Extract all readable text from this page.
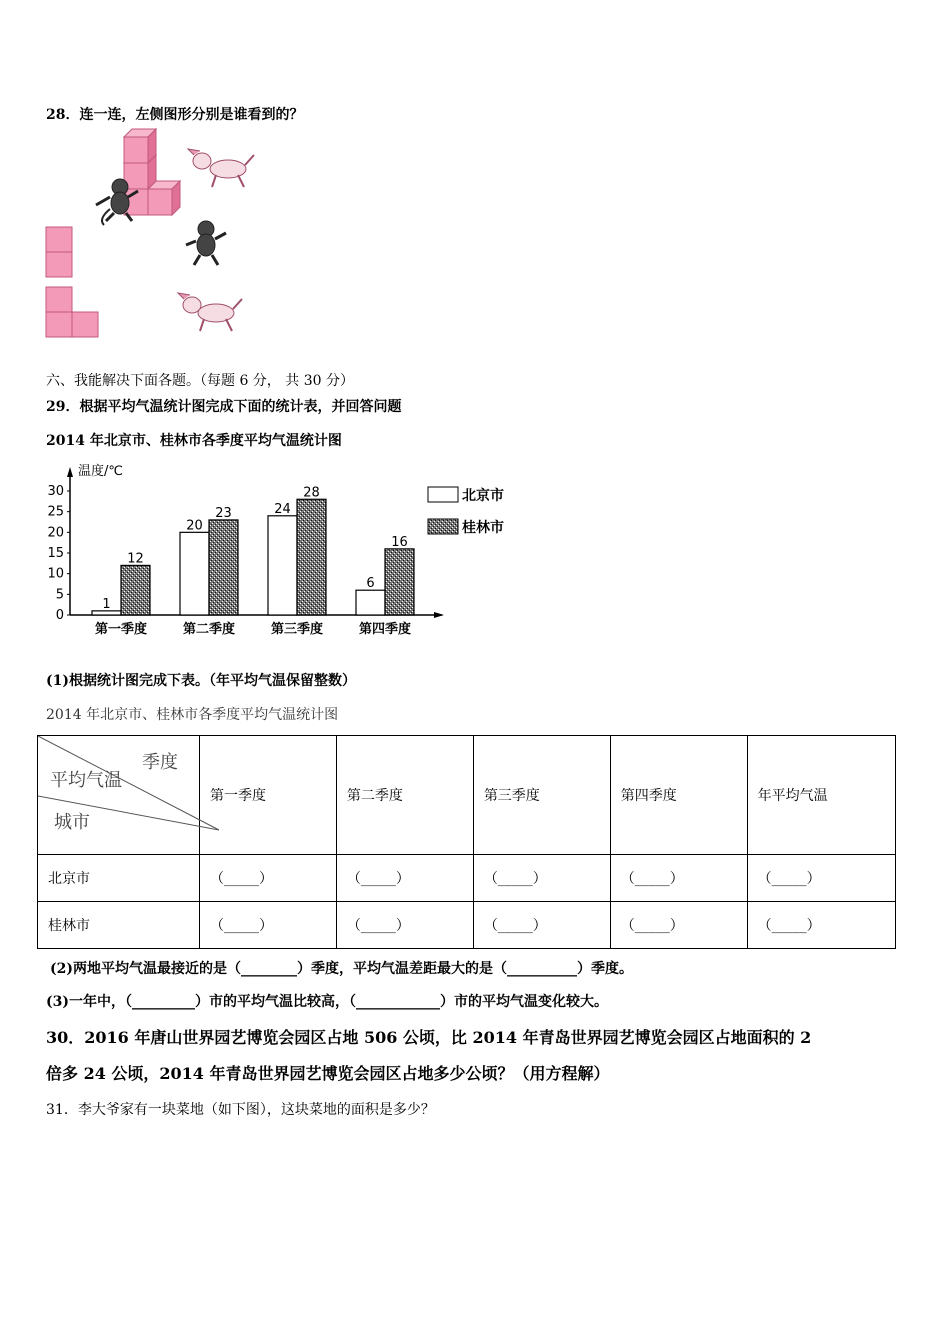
28．连一连，左侧图形分别是谁看到的？
六、我能解决下面各题。（每题 6 分， 共 30 分）
29．根据平均气温统计图完成下面的统计表，并回答问题
2014 年北京市、桂林市各季度平均气温统计图
温度/℃
0
5
10
15
20
25
30
1
12
第一季度
20
23
第二季度
24
28
第三季度
6
16
第四季度
北京市
桂林市
(1)根据统计图完成下表。（年平均气温保留整数）
2014 年北京市、桂林市各季度平均气温统计图
季度
平均气温
城市	第一季度	第二季度	第三季度	第四季度	年平均气温
北京市	（_____）	（_____）	（_____）	（_____）	（_____）
桂林市	（_____）	（_____）	（_____）	（_____）	（_____）
(2)两地平均气温最接近的是（________）季度，平均气温差距最大的是（__________）季度。
(3)一年中，（_________）市的平均气温比较高，（____________）市的平均气温变化较大。
30．2016 年唐山世界园艺博览会园区占地 506 公顷，比 2014 年青岛世界园艺博览会园区占地面积的 2
倍多 24 公顷，2014 年青岛世界园艺博览会园区占地多少公顷？（用方程解）
31．李大爷家有一块菜地（如下图），这块菜地的面积是多少？
